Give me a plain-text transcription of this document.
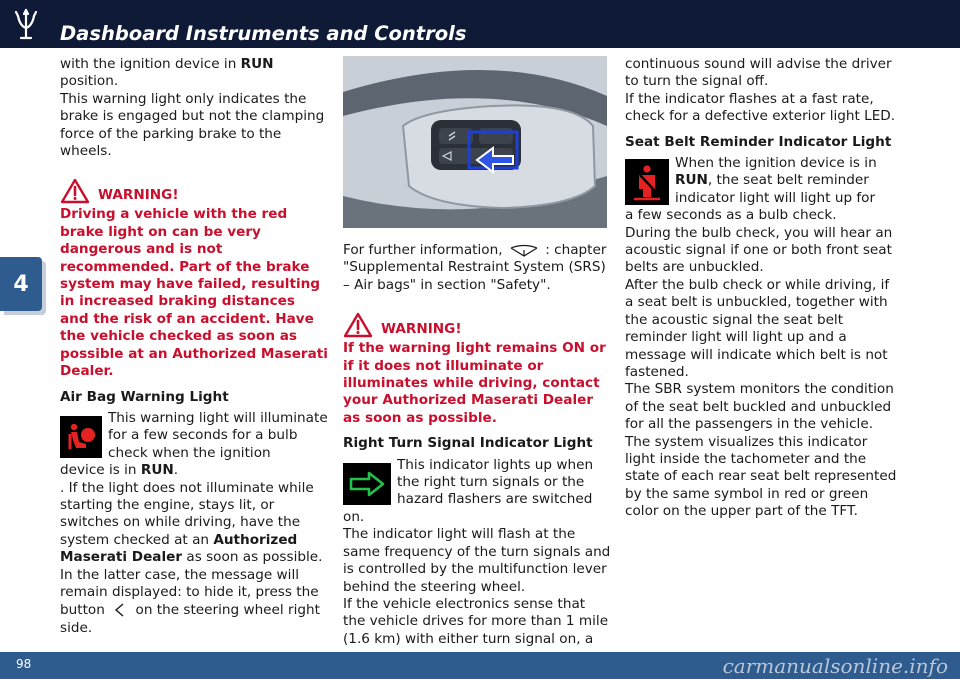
Dashboard Instruments and Controls
4

with the ignition device in RUN position.

This warning light only indicates the brake is engaged but not the clamping force of the parking brake to the wheels.

WARNING!

Driving a vehicle with the red brake light on can be very dangerous and is not recommended. Part of the brake system may have failed, resulting in increased braking distances and the risk of an accident. Have the vehicle checked as soon as possible at an Authorized Maserati Dealer.

Air Bag Warning Light

This warning light will illuminate for a few seconds for a bulb check when the ignition

device is in RUN.

. If the light does not illuminate while starting the engine, stays lit, or switches on while driving, have the system checked at an Authorized Maserati Dealer as soon as possible.

In the latter case, the message will remain displayed: to hide it, press the button on the steering wheel right side.

For further information,	: chapter "Supplemental Restraint System (SRS) – Air bags" in section "Safety".

WARNING!

If the warning light remains ON or if it does not illuminate or illuminates while driving, contact your Authorized Maserati Dealer as soon as possible.

Right Turn Signal Indicator Light

This indicator lights up when the right turn signals or the hazard flashers are switched

on.

The indicator light will flash at the same frequency of the turn signals and is controlled by the multifunction lever behind the steering wheel.

If the vehicle electronics sense that the vehicle drives for more than 1 mile (1.6 km) with either turn signal on, a

continuous sound will advise the driver to turn the signal off.

If the indicator flashes at a fast rate, check for a defective exterior light LED.

Seat Belt Reminder Indicator Light

When the ignition device is in RUN, the seat belt reminder indicator light will light up for

a few seconds as a bulb check.

During the bulb check, you will hear an acoustic signal if one or both front seat belts are unbuckled.

After the bulb check or while driving, if a seat belt is unbuckled, together with the acoustic signal the seat belt reminder light will light up and a message will indicate which belt is not fastened.

The SBR system monitors the condition of the seat belt buckled and unbuckled for all the passengers in the vehicle.

The system visualizes this indicator light inside the tachometer and the state of each rear seat belt represented by the same symbol in red or green color on the upper part of the TFT.

98	carmanualsonline.info
